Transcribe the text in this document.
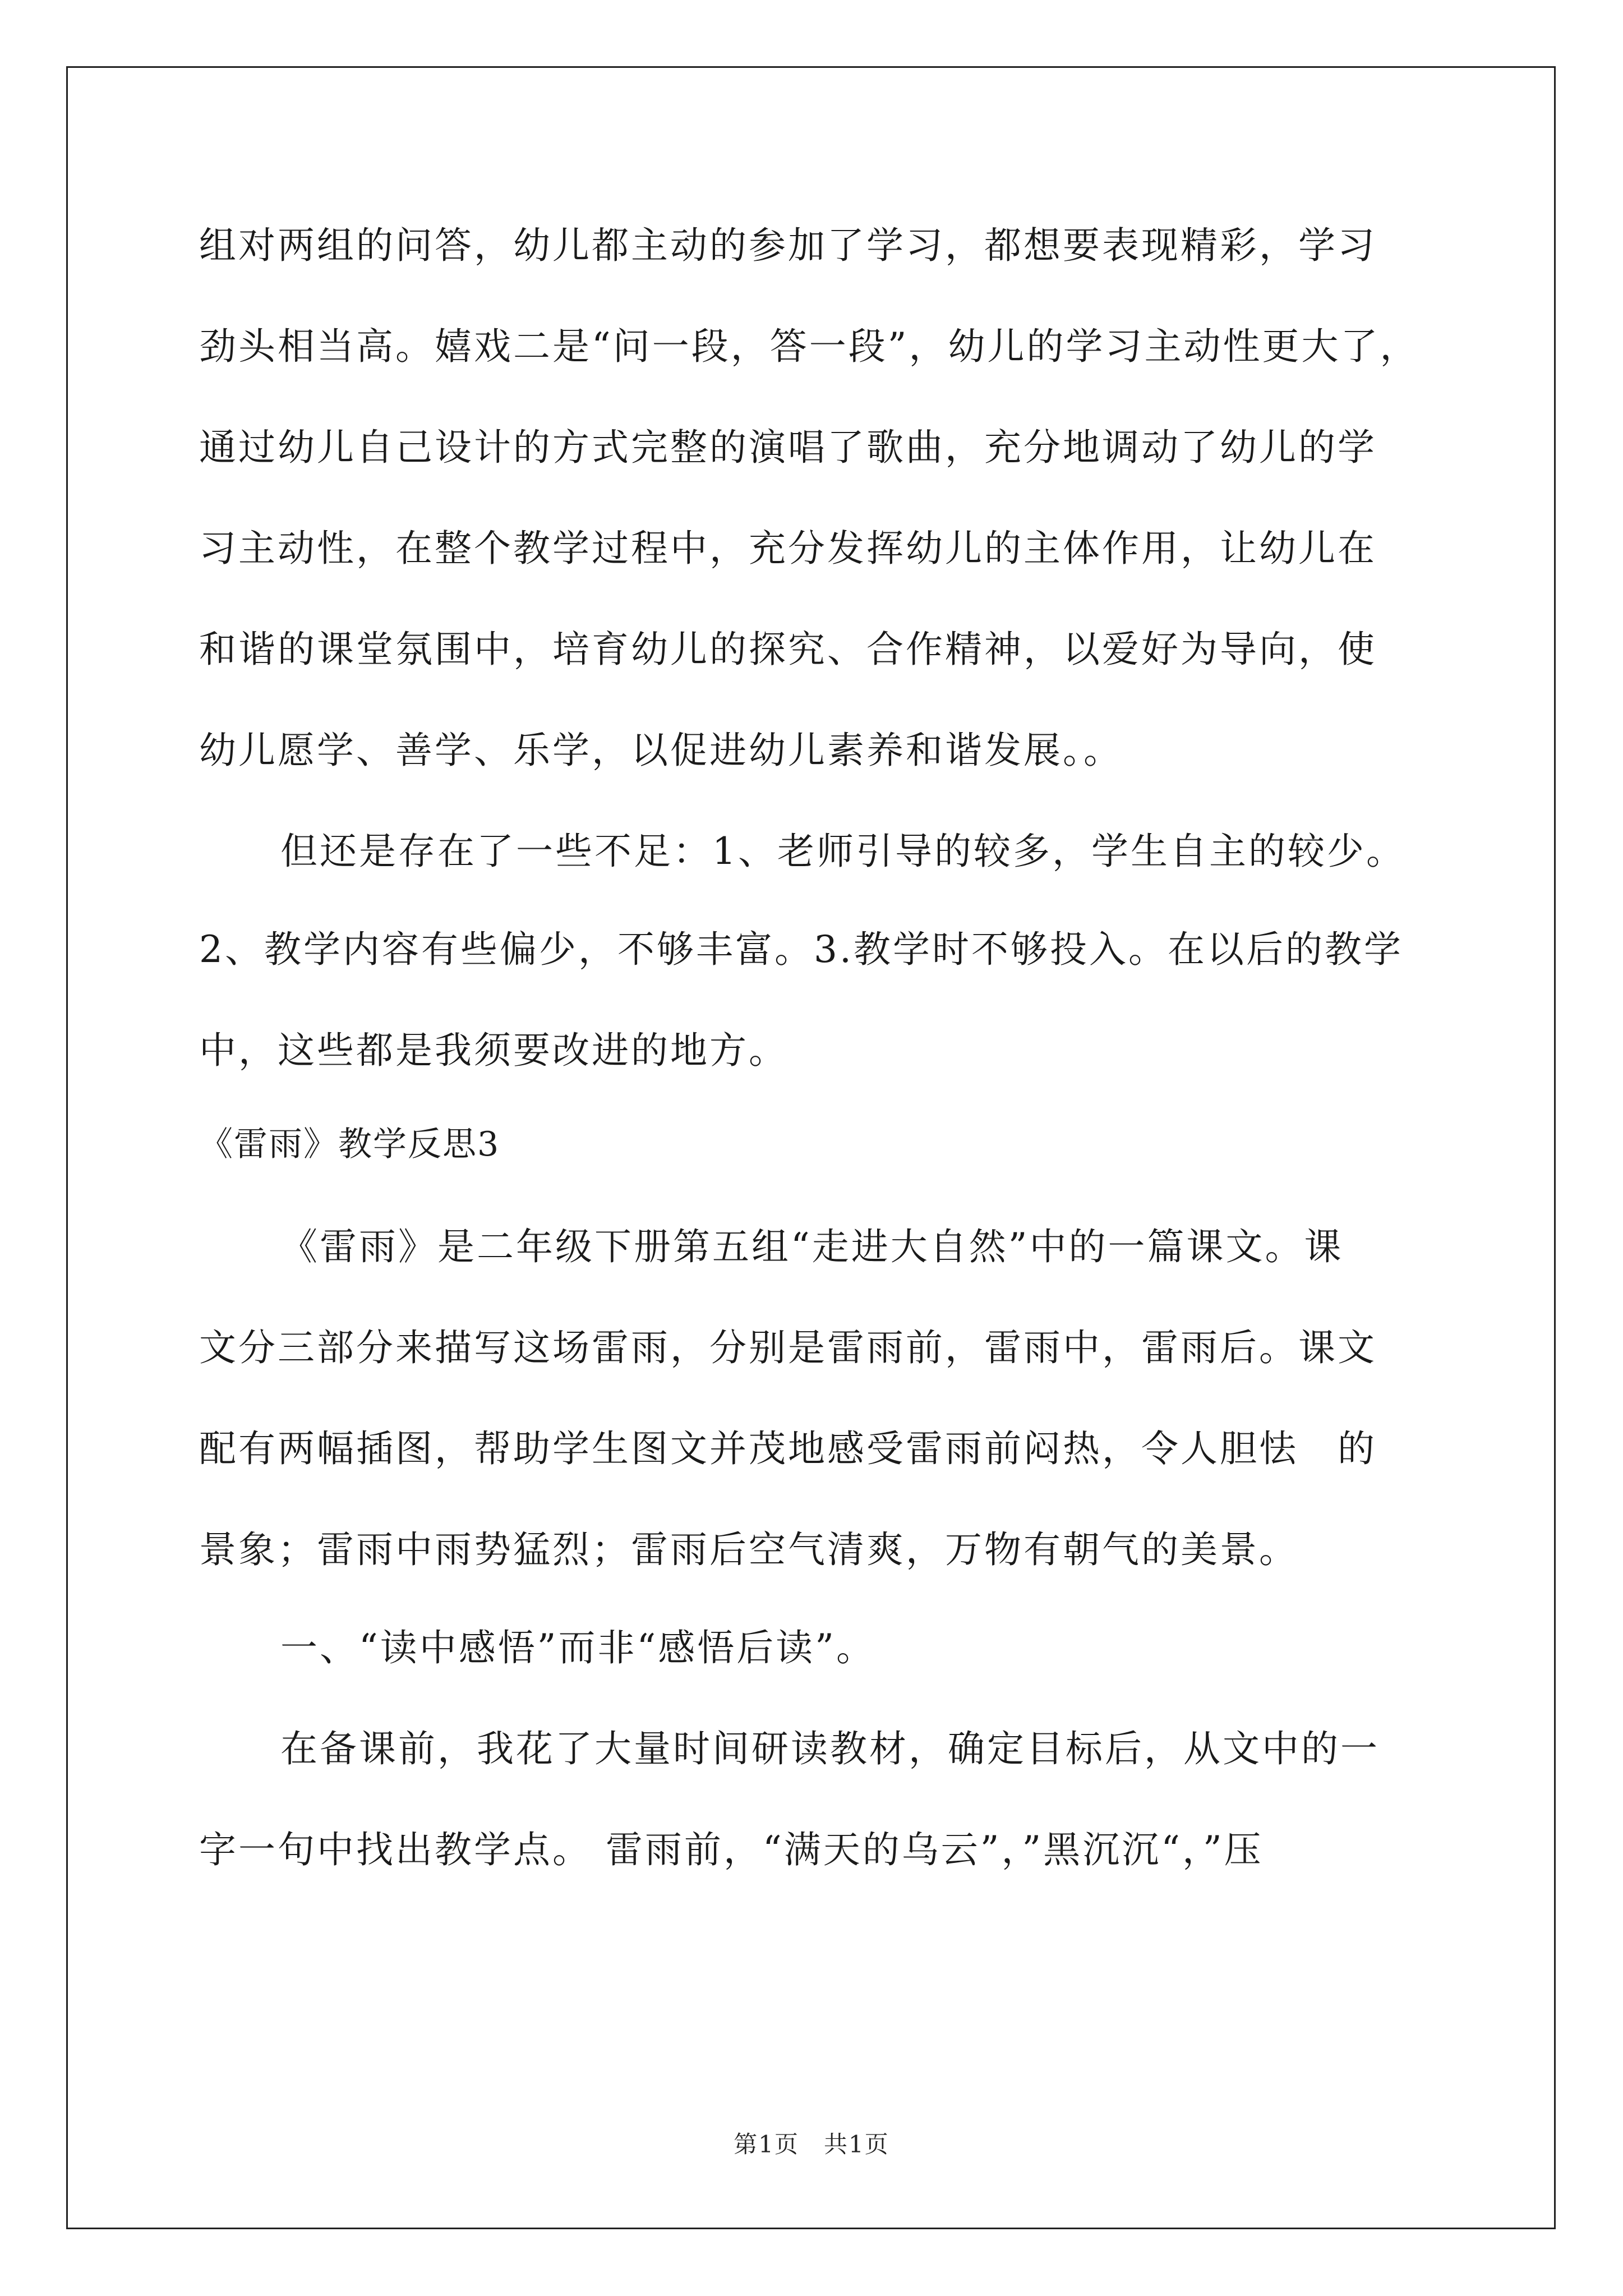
组对两组的问答，幼儿都主动的参加了学习，都想要表现精彩，学习
劲头相当高。嬉戏二是“问一段，答一段”，幼儿的学习主动性更大了，
通过幼儿自己设计的方式完整的演唱了歌曲，充分地调动了幼儿的学
习主动性，在整个教学过程中，充分发挥幼儿的主体作用，让幼儿在
和谐的课堂氛围中，培育幼儿的探究、合作精神，以爱好为导向，使
幼儿愿学、善学、乐学，以促进幼儿素养和谐发展。。
但还是存在了一些不足：1、老师引导的较多，学生自主的较少。
2、教学内容有些偏少，不够丰富。3.教学时不够投入。在以后的教学
中，这些都是我须要改进的地方。
《雷雨》教学反思3
《雷雨》是二年级下册第五组“走进大自然”中的一篇课文。课
文分三部分来描写这场雷雨，分别是雷雨前，雷雨中，雷雨后。课文
配有两幅插图，帮助学生图文并茂地感受雷雨前闷热，令人胆怯　的
景象；雷雨中雨势猛烈；雷雨后空气清爽，万物有朝气的美景。
一、“读中感悟”而非“感悟后读”。
在备课前，我花了大量时间研读教材，确定目标后，从文中的一
字一句中找出教学点。 雷雨前，“满天的乌云”，”黑沉沉“，”压
第1页　共1页
